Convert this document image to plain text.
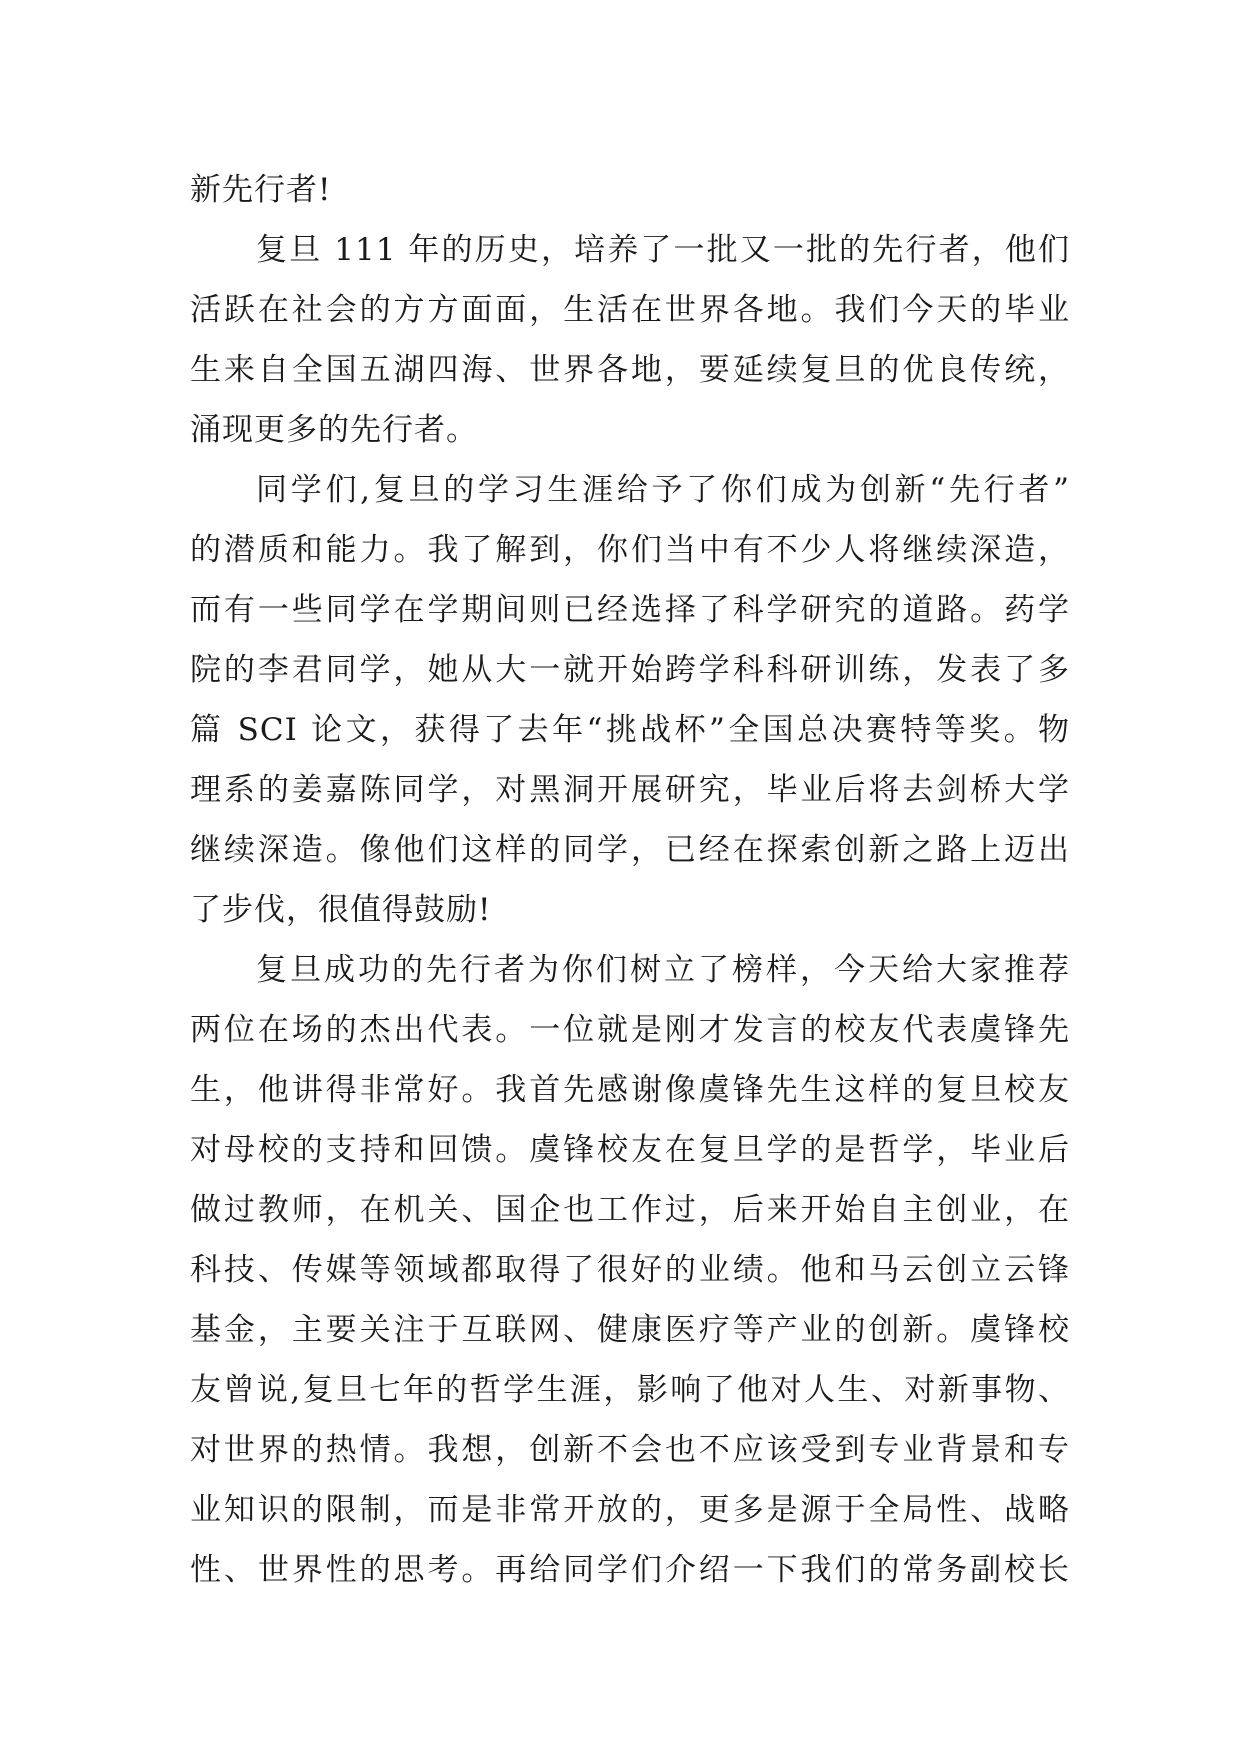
新先行者!
复旦 111 年的历史，培养了一批又一批的先行者，他们
活跃在社会的方方面面，生活在世界各地。我们今天的毕业
生来自全国五湖四海、世界各地，要延续复旦的优良传统，
涌现更多的先行者。
同学们,复旦的学习生涯给予了你们成为创新“先行者”
的潜质和能力。我了解到，你们当中有不少人将继续深造，
而有一些同学在学期间则已经选择了科学研究的道路。药学
院的李君同学，她从大一就开始跨学科科研训练，发表了多
篇 SCI 论文，获得了去年“挑战杯”全国总决赛特等奖。物
理系的姜嘉陈同学，对黑洞开展研究，毕业后将去剑桥大学
继续深造。像他们这样的同学，已经在探索创新之路上迈出
了步伐，很值得鼓励!
复旦成功的先行者为你们树立了榜样，今天给大家推荐
两位在场的杰出代表。一位就是刚才发言的校友代表虞锋先
生，他讲得非常好。我首先感谢像虞锋先生这样的复旦校友
对母校的支持和回馈。虞锋校友在复旦学的是哲学，毕业后
做过教师，在机关、国企也工作过，后来开始自主创业，在
科技、传媒等领域都取得了很好的业绩。他和马云创立云锋
基金，主要关注于互联网、健康医疗等产业的创新。虞锋校
友曾说,复旦七年的哲学生涯，影响了他对人生、对新事物、
对世界的热情。我想，创新不会也不应该受到专业背景和专
业知识的限制，而是非常开放的，更多是源于全局性、战略
性、世界性的思考。再给同学们介绍一下我们的常务副校长
